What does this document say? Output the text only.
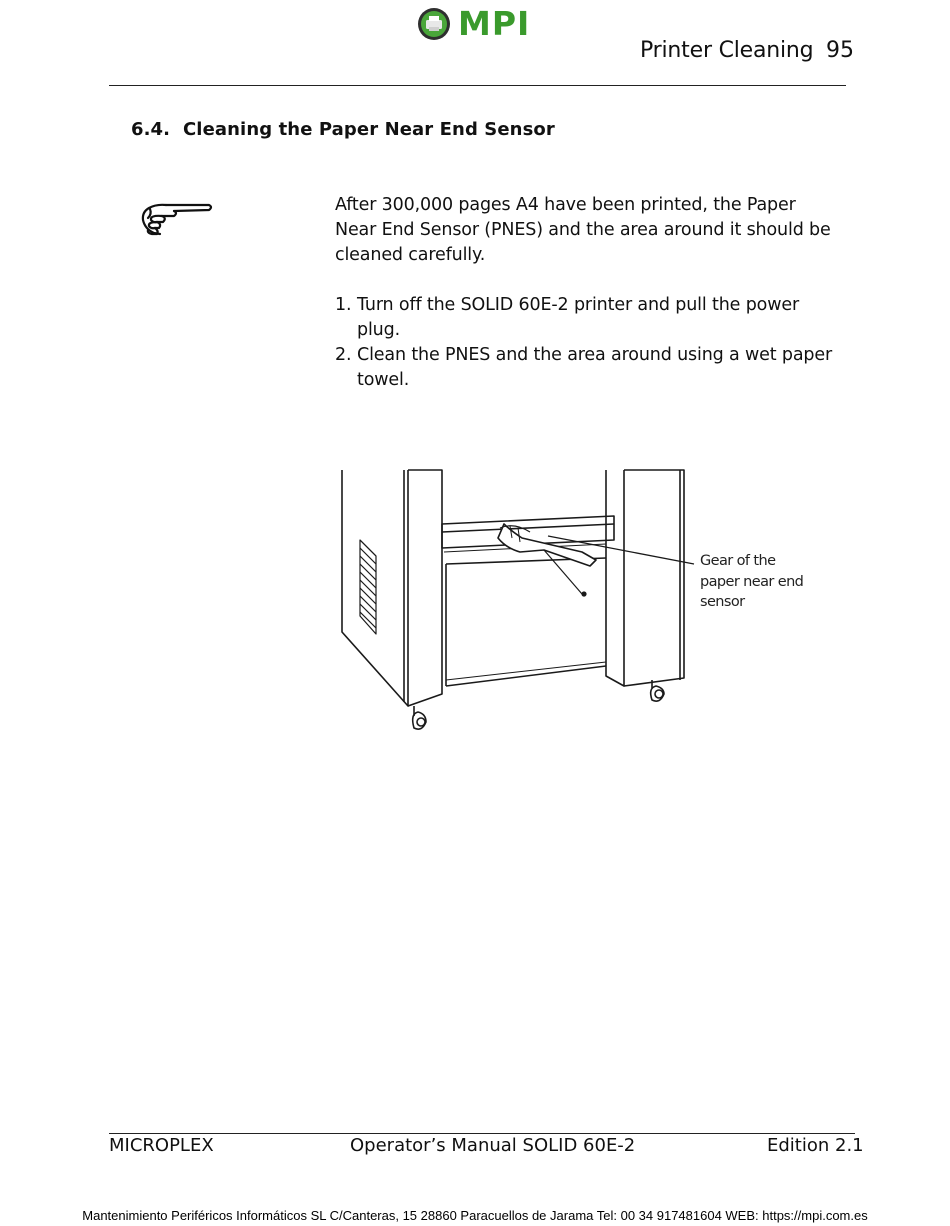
MPI
Printer Cleaning 95
6.4. Cleaning the Paper Near End Sensor
After 300,000 pages A4 have been printed, the Paper Near End Sensor (PNES) and the area around it should be cleaned carefully.
1. Turn off the SOLID 60E-2 printer and pull the power plug.
2. Clean the PNES and the area around using a wet paper towel.
Gear of the
paper near end
sensor
MICROPLEX	Operator’s Manual SOLID 60E-2	Edition 2.1
Mantenimiento Periféricos Informáticos SL C/Canteras, 15 28860 Paracuellos de Jarama Tel: 00 34 917481604 WEB: https://mpi.com.es
